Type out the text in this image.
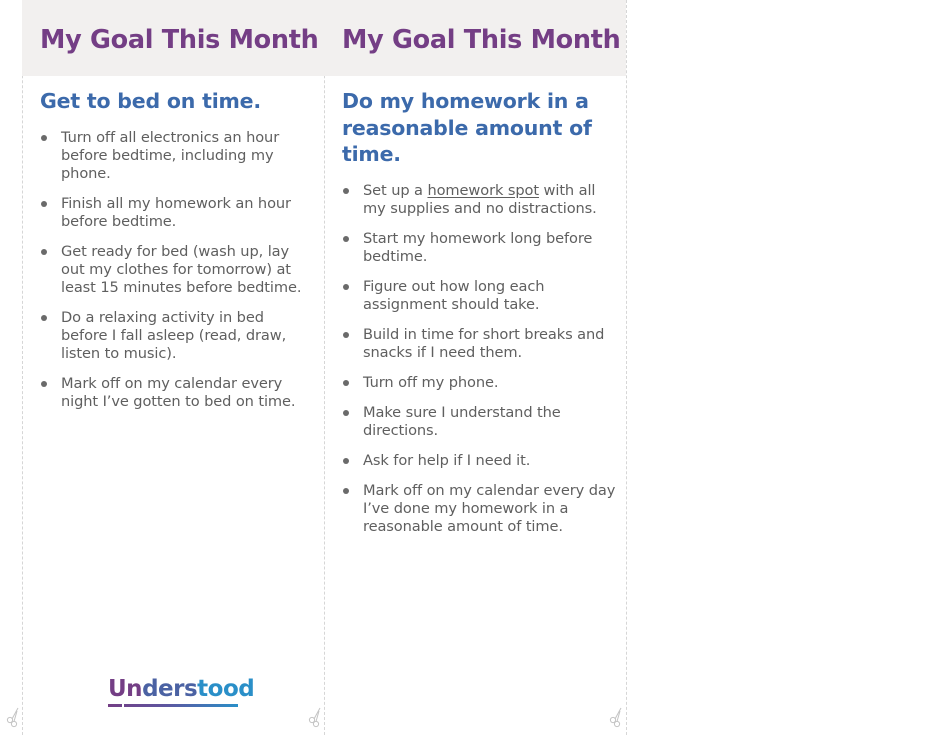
My Goal This Month
Get to bed on time.
Turn off all electronics an hour before bedtime, including my phone.
Finish all my homework an hour before bedtime.
Get ready for bed (wash up, lay out my clothes for tomorrow) at least 15 minutes before bedtime.
Do a relaxing activity in bed before I fall asleep (read, draw, listen to music).
Mark off on my calendar every night I’ve gotten to bed on time.
Understood
My Goal This Month
Do my homework in a reasonable amount of time.
Set up a homework spot with all my supplies and no distractions.
Start my homework long before bedtime.
Figure out how long each assignment should take.
Build in time for short breaks and snacks if I need them.
Turn off my phone.
Make sure I understand the directions.
Ask for help if I need it.
Mark off on my calendar every day I’ve done my homework in a reasonable amount of time.
